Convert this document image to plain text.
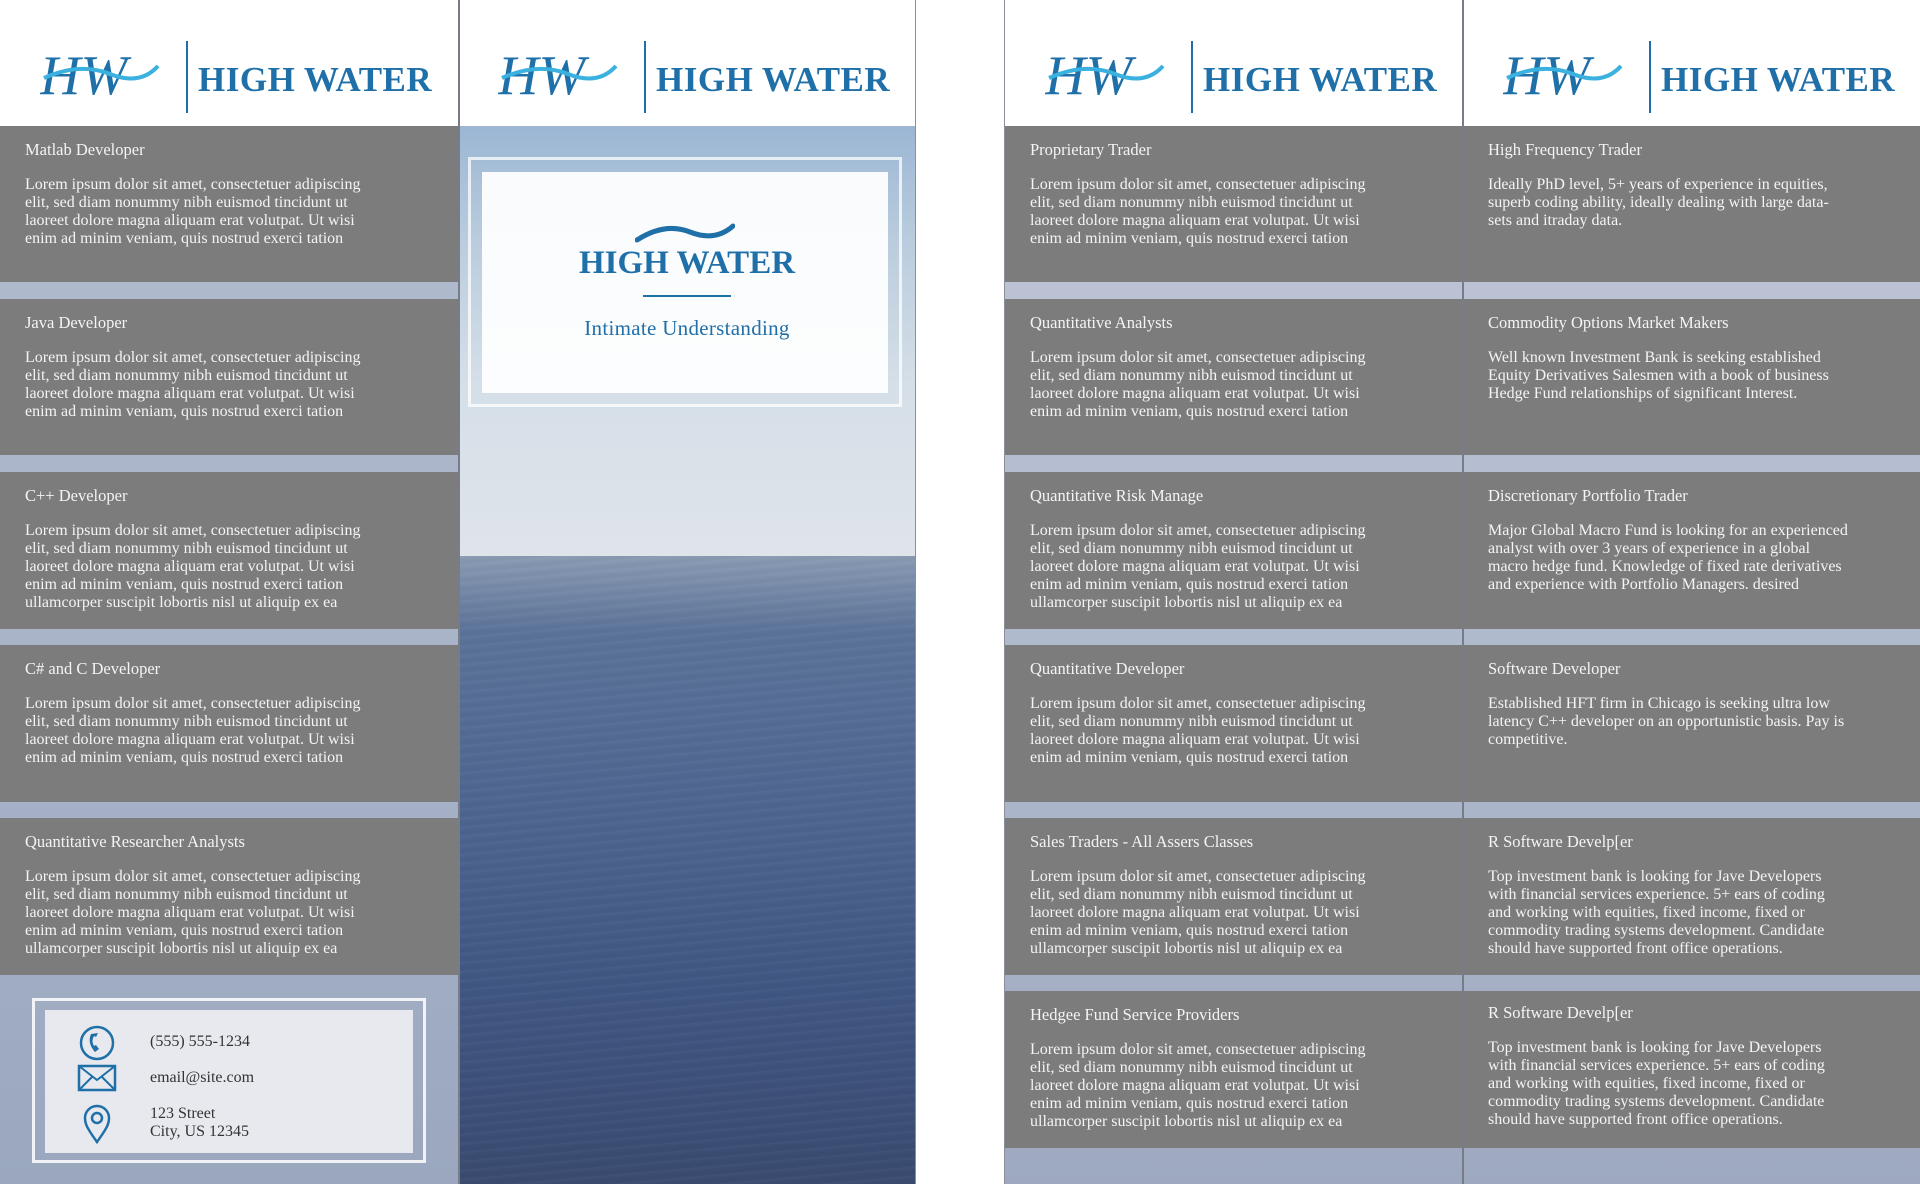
HW HIGH WATER
Matlab Developer
Lorem ipsum dolor sit amet, consectetuer adipiscing
elit, sed diam nonummy nibh euismod tincidunt ut
laoreet dolore magna aliquam erat volutpat. Ut wisi
enim ad minim veniam, quis nostrud exerci tation
Java Developer
Lorem ipsum dolor sit amet, consectetuer adipiscing
elit, sed diam nonummy nibh euismod tincidunt ut
laoreet dolore magna aliquam erat volutpat. Ut wisi
enim ad minim veniam, quis nostrud exerci tation
C++ Developer
Lorem ipsum dolor sit amet, consectetuer adipiscing
elit, sed diam nonummy nibh euismod tincidunt ut
laoreet dolore magna aliquam erat volutpat. Ut wisi
enim ad minim veniam, quis nostrud exerci tation
ullamcorper suscipit lobortis nisl ut aliquip ex ea
C# and C Developer
Lorem ipsum dolor sit amet, consectetuer adipiscing
elit, sed diam nonummy nibh euismod tincidunt ut
laoreet dolore magna aliquam erat volutpat. Ut wisi
enim ad minim veniam, quis nostrud exerci tation
Quantitative Researcher Analysts
Lorem ipsum dolor sit amet, consectetuer adipiscing
elit, sed diam nonummy nibh euismod tincidunt ut
laoreet dolore magna aliquam erat volutpat. Ut wisi
enim ad minim veniam, quis nostrud exerci tation
ullamcorper suscipit lobortis nisl ut aliquip ex ea
(555) 555-1234
email@site.com
123 Street
City, US 12345
HW HIGH WATER
HIGH WATER
Intimate Understanding
HW HIGH WATER
Proprietary Trader
Lorem ipsum dolor sit amet, consectetuer adipiscing
elit, sed diam nonummy nibh euismod tincidunt ut
laoreet dolore magna aliquam erat volutpat. Ut wisi
enim ad minim veniam, quis nostrud exerci tation
Quantitative Analysts
Lorem ipsum dolor sit amet, consectetuer adipiscing
elit, sed diam nonummy nibh euismod tincidunt ut
laoreet dolore magna aliquam erat volutpat. Ut wisi
enim ad minim veniam, quis nostrud exerci tation
Quantitative Risk Manage
Lorem ipsum dolor sit amet, consectetuer adipiscing
elit, sed diam nonummy nibh euismod tincidunt ut
laoreet dolore magna aliquam erat volutpat. Ut wisi
enim ad minim veniam, quis nostrud exerci tation
ullamcorper suscipit lobortis nisl ut aliquip ex ea
Quantitative Developer
Lorem ipsum dolor sit amet, consectetuer adipiscing
elit, sed diam nonummy nibh euismod tincidunt ut
laoreet dolore magna aliquam erat volutpat. Ut wisi
enim ad minim veniam, quis nostrud exerci tation
Sales Traders - All Assers Classes
Lorem ipsum dolor sit amet, consectetuer adipiscing
elit, sed diam nonummy nibh euismod tincidunt ut
laoreet dolore magna aliquam erat volutpat. Ut wisi
enim ad minim veniam, quis nostrud exerci tation
ullamcorper suscipit lobortis nisl ut aliquip ex ea
Hedgee Fund Service Providers
Lorem ipsum dolor sit amet, consectetuer adipiscing
elit, sed diam nonummy nibh euismod tincidunt ut
laoreet dolore magna aliquam erat volutpat. Ut wisi
enim ad minim veniam, quis nostrud exerci tation
ullamcorper suscipit lobortis nisl ut aliquip ex ea
HW HIGH WATER
High Frequency Trader
Ideally PhD level, 5+ years of experience in equities,
superb coding ability, ideally dealing with large data-
sets and itraday data.
Commodity Options Market Makers
Well known Investment Bank is seeking established
Equity Derivatives Salesmen with a book of business
Hedge Fund relationships of significant Interest.
Discretionary Portfolio Trader
Major Global Macro Fund is looking for an experienced
analyst with over 3 years of experience in a global
macro hedge fund. Knowledge of fixed rate derivatives
and experience with Portfolio Managers. desired
Software Developer
Established HFT firm in Chicago is seeking ultra low
latency C++ developer on an opportunistic basis. Pay is
competitive.
R Software Develp[er
Top investment bank is looking for Jave Developers
with financial services experience. 5+ ears of coding
and working with equities, fixed income, fixed or
commodity trading systems development. Candidate
should have supported front office operations.
R Software Develp[er
Top investment bank is looking for Jave Developers
with financial services experience. 5+ ears of coding
and working with equities, fixed income, fixed or
commodity trading systems development. Candidate
should have supported front office operations.
